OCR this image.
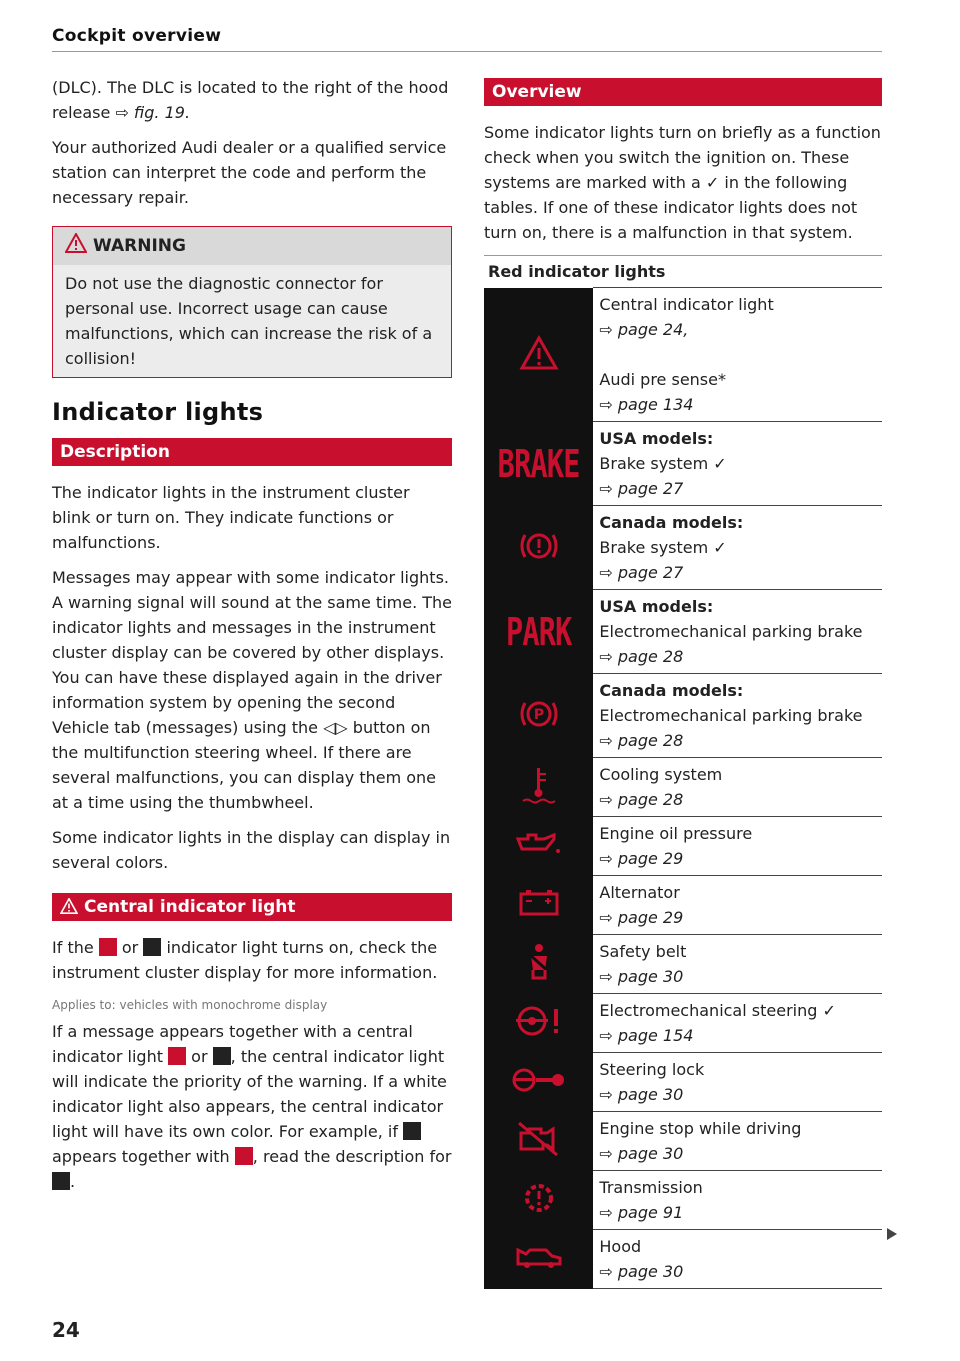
Cockpit overview

(DLC). The DLC is located to the right of the hood release ⇨ fig. 19.

Your authorized Audi dealer or a qualified service station can interpret the code and perform the necessary repair.

WARNING
Do not use the diagnostic connector for personal use. Incorrect usage can cause malfunctions, which can increase the risk of a collision!
Indicator lights
Description

The indicator lights in the instrument cluster blink or turn on. They indicate functions or malfunctions.

Messages may appear with some indicator lights. A warning signal will sound at the same time. The indicator lights and messages in the instrument cluster display can be covered by other displays. You can have these displayed again in the driver information system by opening the second Vehicle tab (messages) using the ◁▷ button on the multifunction steering wheel. If there are several malfunctions, you can display them one at a time using the thumbwheel.

Some indicator lights in the display can display in several colors.

Central indicator light

If the or indicator light turns on, check the instrument cluster display for more information.

Applies to: vehicles with monochrome display

If a message appears together with a central indicator light or , the central indicator light will indicate the priority of the warning. If a white indicator light also appears, the central indicator light will have its own color. For example, if  appears together with , read the description for .

Overview

Some indicator lights turn on briefly as a function check when you switch the ignition on. These systems are marked with a ✓ in the following tables. If one of these indicator lights does not turn on, there is a malfunction in that system.

Red indicator lights

Central indicator light
⇨ page 24,
Audi pre sense*
⇨ page 134

BRAKE	USA models:
Brake system ✓
⇨ page 27

Canada models:
Brake system ✓
⇨ page 27

PARK	USA models:
Electromechanical parking brake
⇨ page 28

P	Canada models:
Electromechanical parking brake
⇨ page 28

Cooling system
⇨ page 28

Engine oil pressure
⇨ page 29

Alternator
⇨ page 29

Safety belt
⇨ page 30

Electromechanical steering ✓
⇨ page 154

Steering lock
⇨ page 30

Engine stop while driving
⇨ page 30

Transmission
⇨ page 91

Hood
⇨ page 30
24
